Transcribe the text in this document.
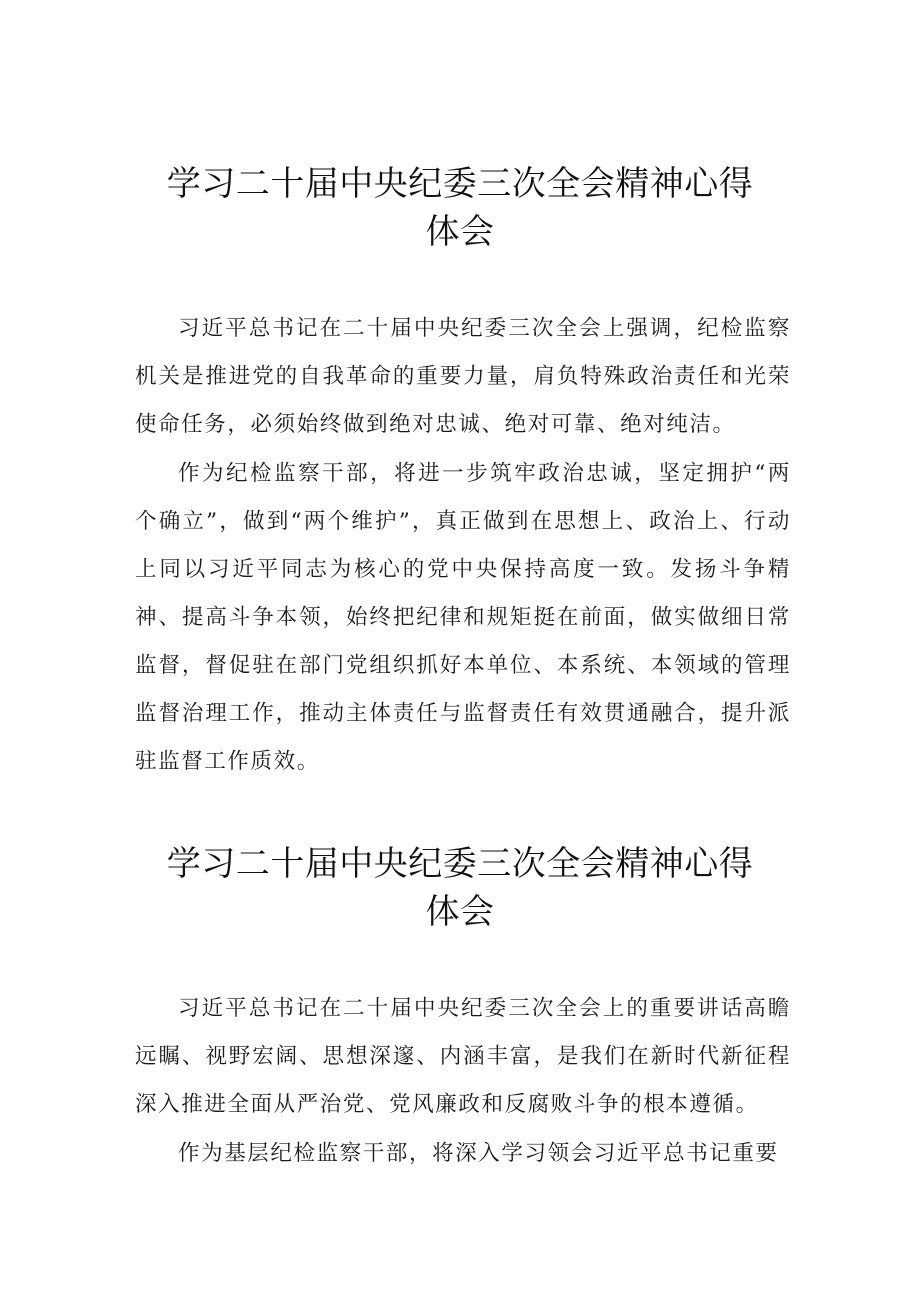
学习二十届中央纪委三次全会精神心得体会

习近平总书记在二十届中央纪委三次全会上强调，纪检监察机关是推进党的自我革命的重要力量，肩负特殊政治责任和光荣使命任务，必须始终做到绝对忠诚、绝对可靠、绝对纯洁。

作为纪检监察干部，将进一步筑牢政治忠诚，坚定拥护“两个确立”，做到“两个维护”，真正做到在思想上、政治上、行动上同以习近平同志为核心的党中央保持高度一致。发扬斗争精神、提高斗争本领，始终把纪律和规矩挺在前面，做实做细日常监督，督促驻在部门党组织抓好本单位、本系统、本领域的管理监督治理工作，推动主体责任与监督责任有效贯通融合，提升派驻监督工作质效。

学习二十届中央纪委三次全会精神心得体会

习近平总书记在二十届中央纪委三次全会上的重要讲话高瞻远瞩、视野宏阔、思想深邃、内涵丰富，是我们在新时代新征程深入推进全面从严治党、党风廉政和反腐败斗争的根本遵循。

作为基层纪检监察干部，将深入学习领会习近平总书记重要
